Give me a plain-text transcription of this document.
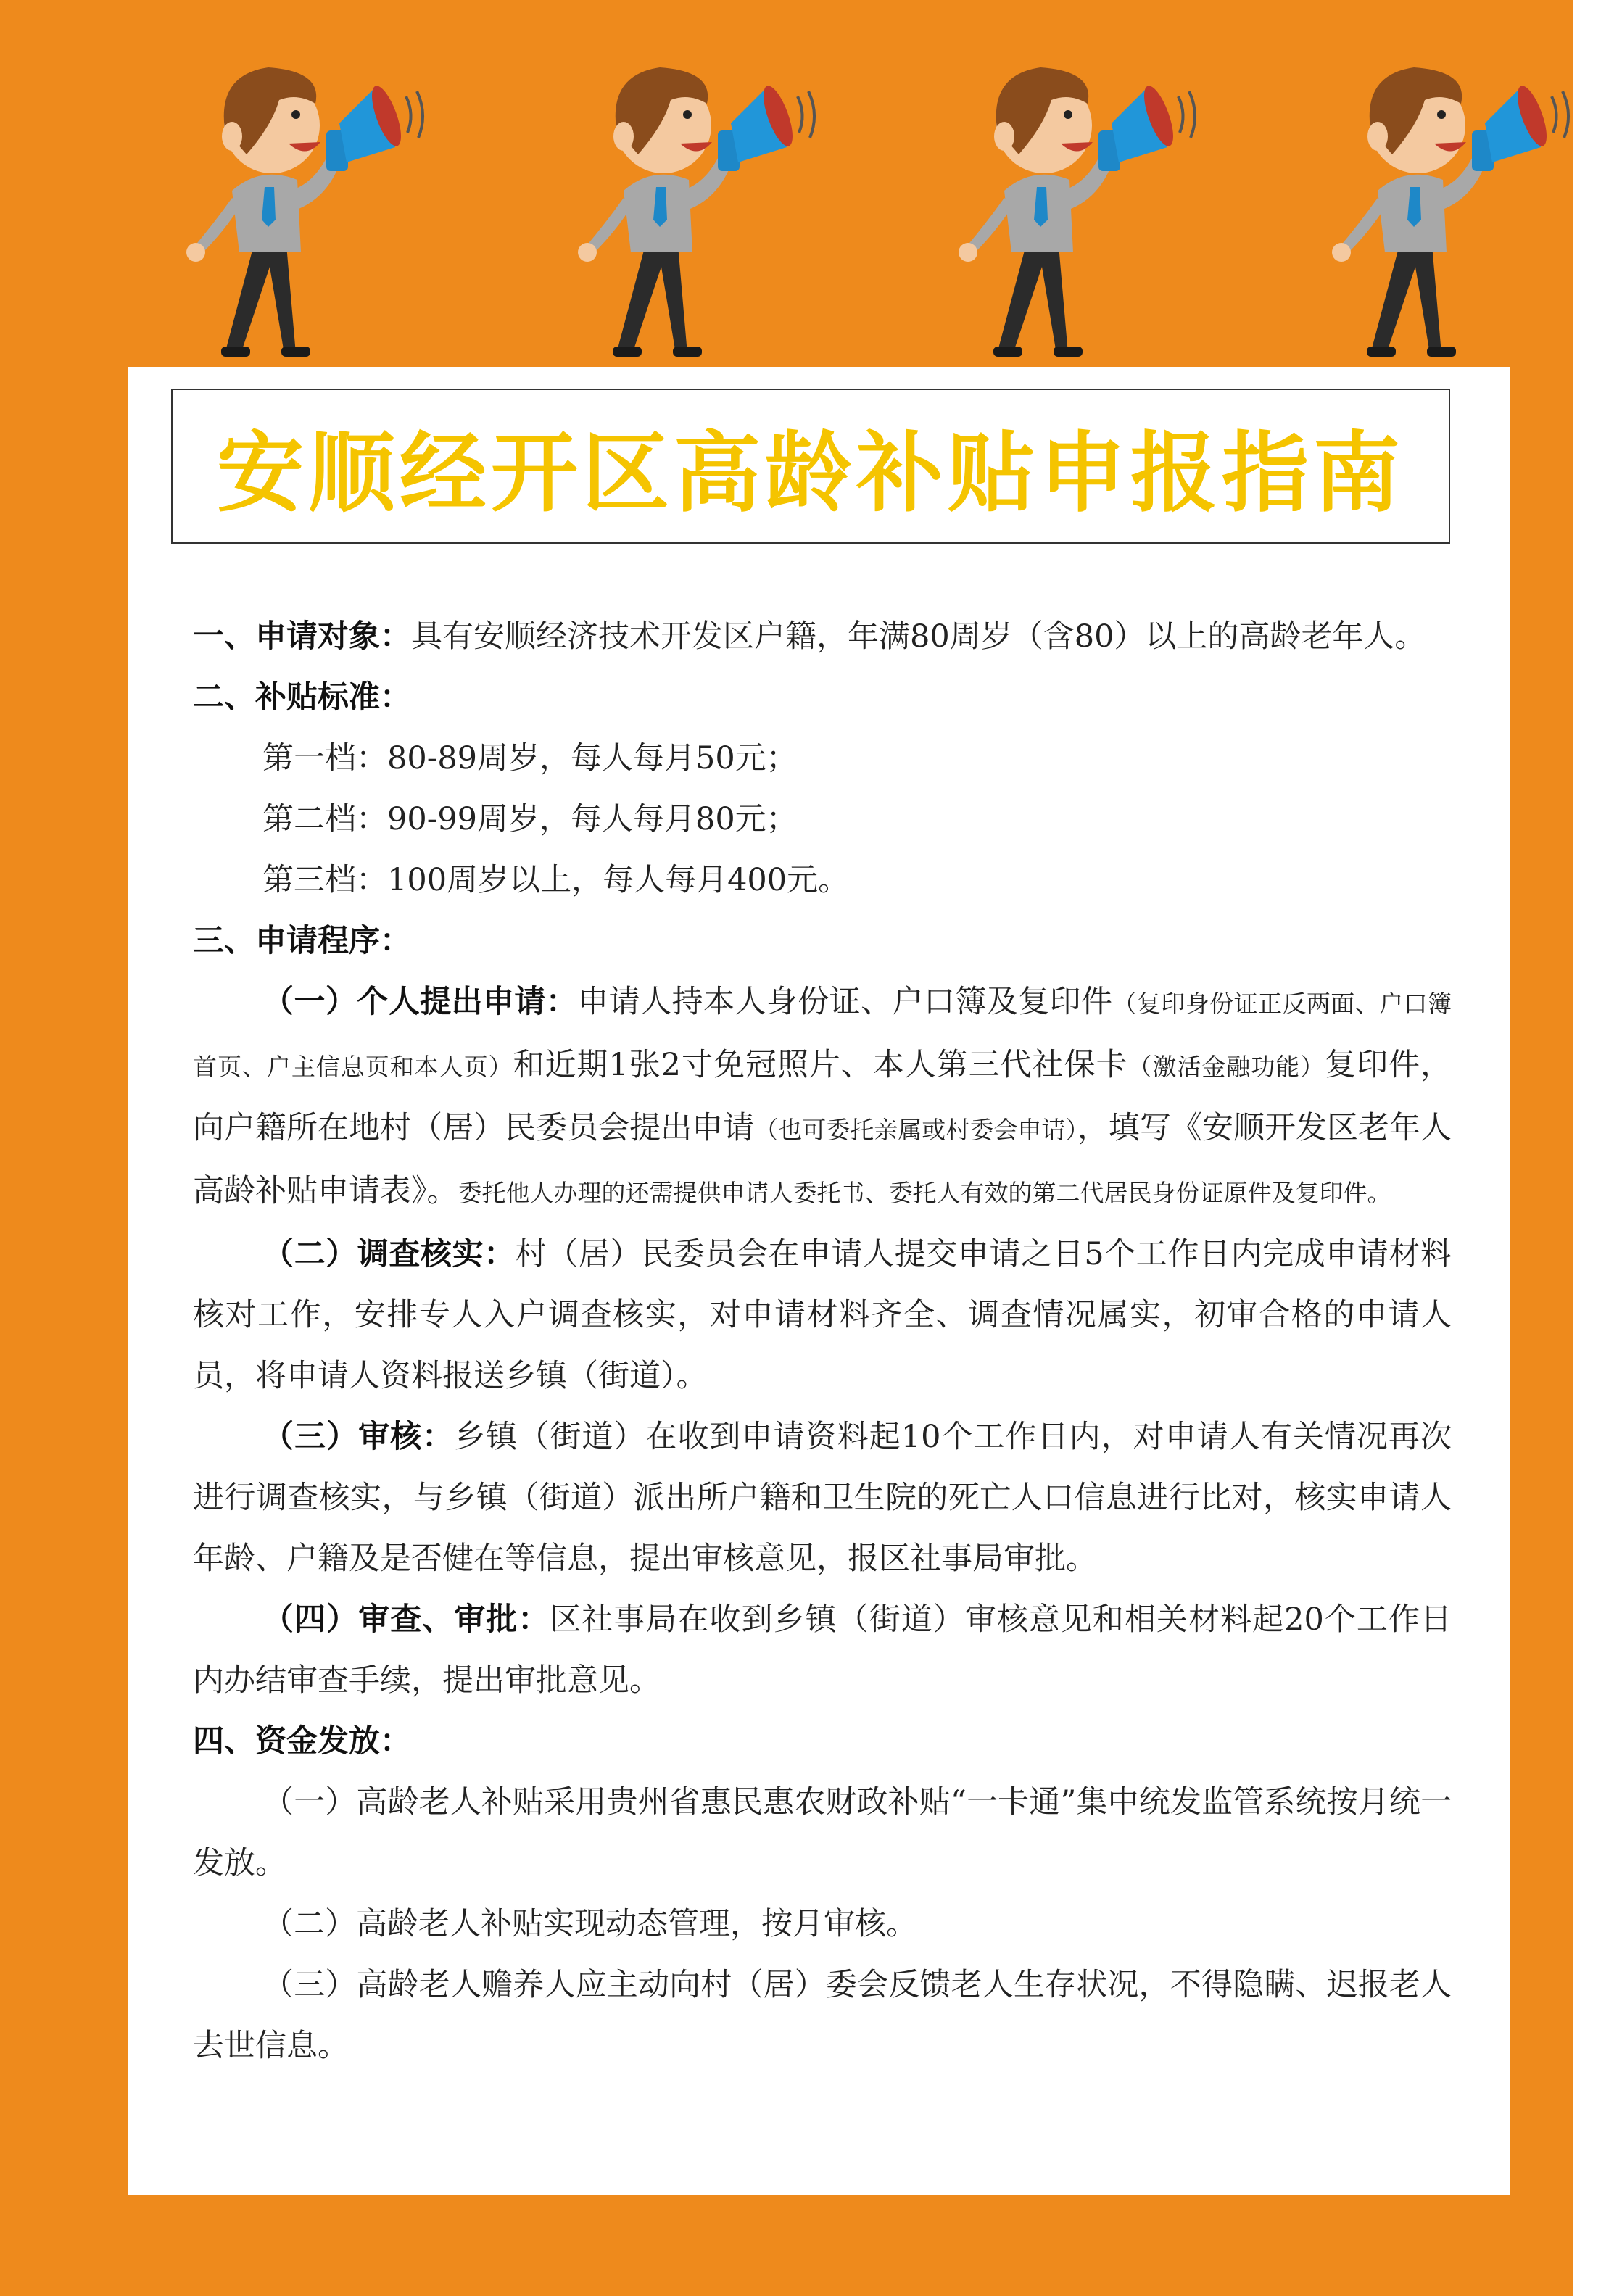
安顺经开区高龄补贴申报指南

一、申请对象：具有安顺经济技术开发区户籍，年满80周岁（含80）以上的高龄老年人。

二、补贴标准：

第一档：80-89周岁，每人每月50元；

第二档：90-99周岁，每人每月80元；

第三档：100周岁以上，每人每月400元。

三、申请程序：

（一）个人提出申请：申请人持本人身份证、户口簿及复印件（复印身份证正反两面、户口簿首页、户主信息页和本人页）和近期1张2寸免冠照片、本人第三代社保卡（激活金融功能）复印件，向户籍所在地村（居）民委员会提出申请（也可委托亲属或村委会申请），填写《安顺开发区老年人高龄补贴申请表》。委托他人办理的还需提供申请人委托书、委托人有效的第二代居民身份证原件及复印件。

（二）调查核实：村（居）民委员会在申请人提交申请之日5个工作日内完成申请材料核对工作，安排专人入户调查核实，对申请材料齐全、调查情况属实，初审合格的申请人员，将申请人资料报送乡镇（街道）。

（三）审核：乡镇（街道）在收到申请资料起10个工作日内，对申请人有关情况再次进行调查核实，与乡镇（街道）派出所户籍和卫生院的死亡人口信息进行比对，核实申请人年龄、户籍及是否健在等信息，提出审核意见，报区社事局审批。

（四）审查、审批：区社事局在收到乡镇（街道）审核意见和相关材料起20个工作日内办结审查手续，提出审批意见。

四、资金发放：

（一）高龄老人补贴采用贵州省惠民惠农财政补贴“一卡通”集中统发监管系统按月统一发放。

（二）高龄老人补贴实现动态管理，按月审核。

（三）高龄老人赡养人应主动向村（居）委会反馈老人生存状况，不得隐瞒、迟报老人去世信息。
